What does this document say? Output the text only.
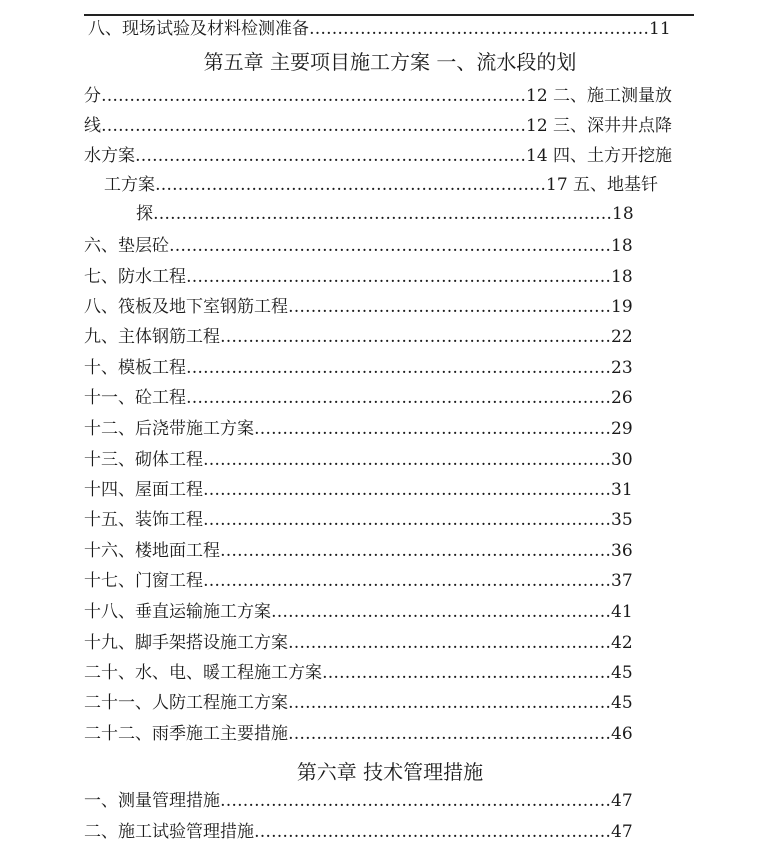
八、现场试验及材料检测准备……………………………………………………11
第五章 主要项目施工方案 一、流水段的划
分…………………………………………………………………12 二、施工测量放
线…………………………………………………………………12 三、深井井点降
水方案……………………………………………………………14 四、土方开挖施
工方案……………………………………………………………17 五、地基钎
探………………………………………………………………………18
六、垫层砼……………………………………………………………………18
七、防水工程…………………………………………………………………18
八、筏板及地下室钢筋工程…………………………………………………19
九、主体钢筋工程……………………………………………………………22
十、模板工程…………………………………………………………………23
十一、砼工程…………………………………………………………………26
十二、后浇带施工方案………………………………………………………29
十三、砌体工程………………………………………………………………30
十四、屋面工程………………………………………………………………31
十五、装饰工程………………………………………………………………35
十六、楼地面工程……………………………………………………………36
十七、门窗工程………………………………………………………………37
十八、垂直运输施工方案……………………………………………………41
十九、脚手架搭设施工方案…………………………………………………42
二十、水、电、暖工程施工方案……………………………………………45
二十一、人防工程施工方案…………………………………………………45
二十二、雨季施工主要措施…………………………………………………46
第六章 技术管理措施
一、测量管理措施……………………………………………………………47
二、施工试验管理措施………………………………………………………47
